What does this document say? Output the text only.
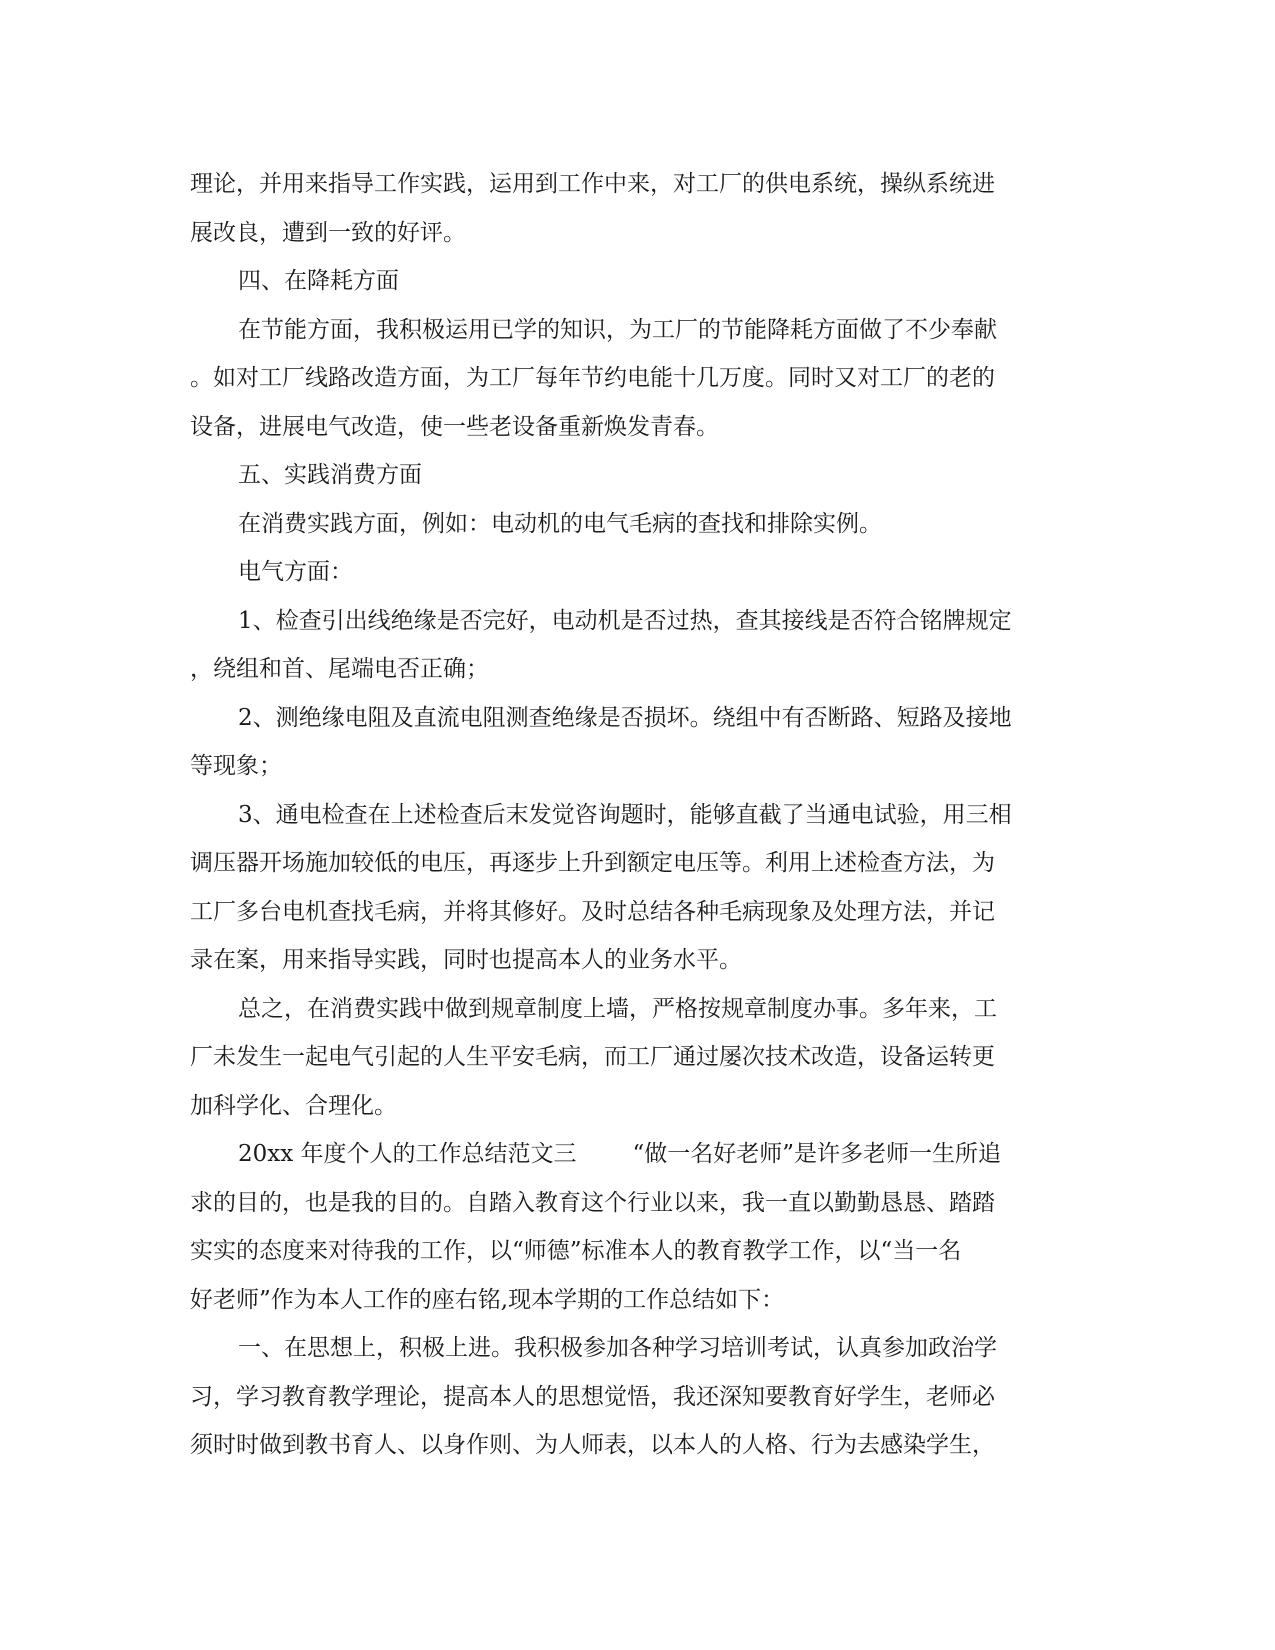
理论，并用来指导工作实践，运用到工作中来，对工厂的供电系统，操纵系统进
展改良，遭到一致的好评。
四、在降耗方面
在节能方面，我积极运用已学的知识，为工厂的节能降耗方面做了不少奉献
。如对工厂线路改造方面，为工厂每年节约电能十几万度。同时又对工厂的老的
设备，进展电气改造，使一些老设备重新焕发青春。
五、实践消费方面
在消费实践方面，例如：电动机的电气毛病的查找和排除实例。
电气方面：
1、检查引出线绝缘是否完好，电动机是否过热，查其接线是否符合铭牌规定
，绕组和首、尾端电否正确；
2、测绝缘电阻及直流电阻测查绝缘是否损坏。绕组中有否断路、短路及接地
等现象；
3、通电检查在上述检查后末发觉咨询题时，能够直截了当通电试验，用三相
调压器开场施加较低的电压，再逐步上升到额定电压等。利用上述检查方法，为
工厂多台电机查找毛病，并将其修好。及时总结各种毛病现象及处理方法，并记
录在案，用来指导实践，同时也提高本人的业务水平。
总之，在消费实践中做到规章制度上墙，严格按规章制度办事。多年来，工
厂未发生一起电气引起的人生平安毛病，而工厂通过屡次技术改造，设备运转更
加科学化、合理化。
20xx 年度个人的工作总结范文三 “做一名好老师”是许多老师一生所追
求的目的，也是我的目的。自踏入教育这个行业以来，我一直以勤勤恳恳、踏踏
实实的态度来对待我的工作，以“师德”标准本人的教育教学工作，以“当一名
好老师”作为本人工作的座右铭,现本学期的工作总结如下：
一、在思想上，积极上进。我积极参加各种学习培训考试，认真参加政治学
习，学习教育教学理论，提高本人的思想觉悟，我还深知要教育好学生，老师必
须时时做到教书育人、以身作则、为人师表，以本人的人格、行为去感染学生，
